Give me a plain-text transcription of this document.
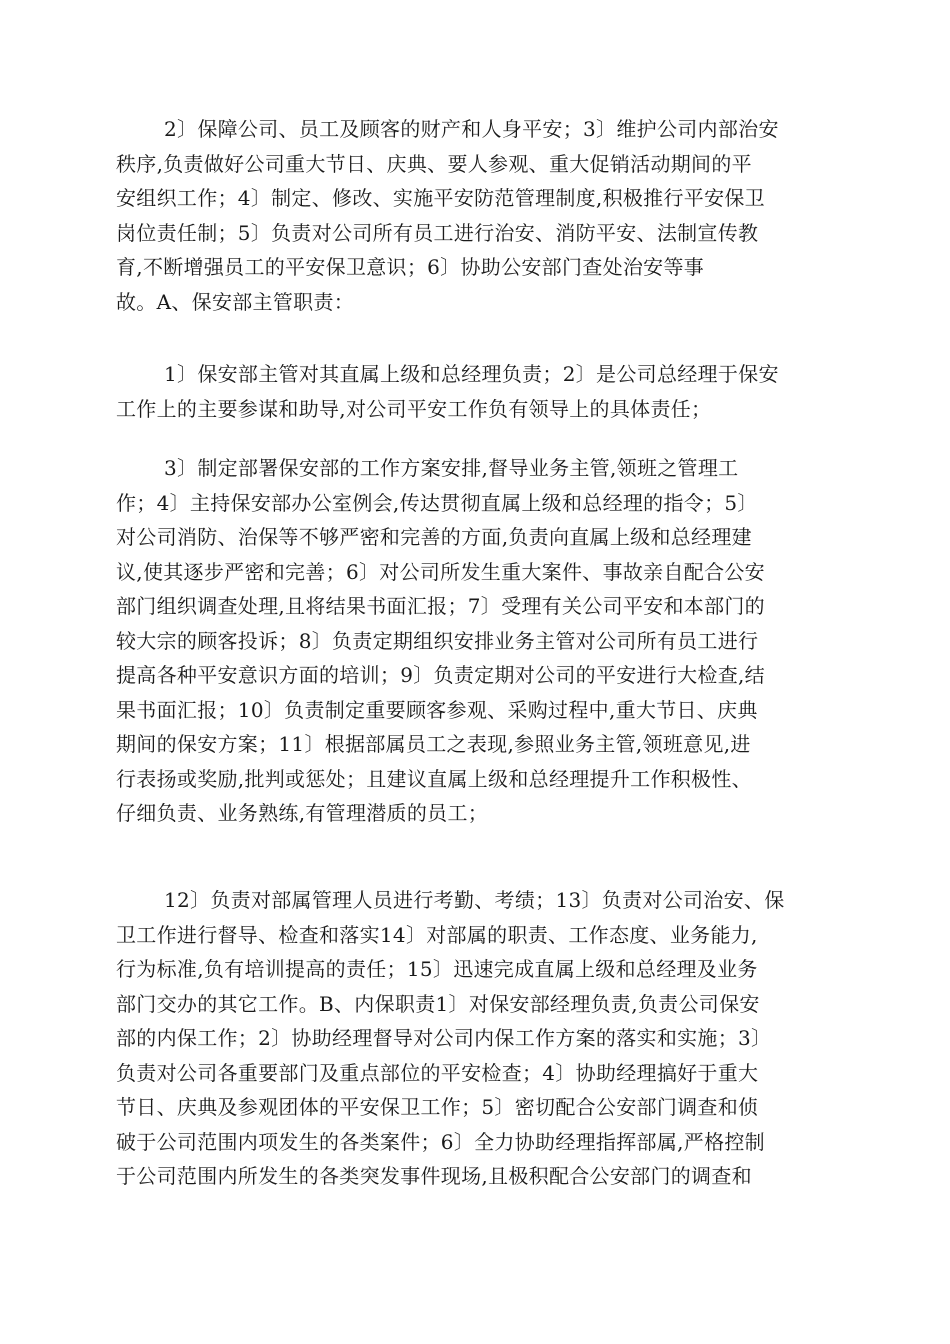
2〕保障公司、员工及顾客的财产和人身平安；3〕维护公司内部治安
秩序,负责做好公司重大节日、庆典、要人参观、重大促销活动期间的平
安组织工作；4〕制定、修改、实施平安防范管理制度,积极推行平安保卫
岗位责任制；5〕负责对公司所有员工进行治安、消防平安、法制宣传教
育,不断增强员工的平安保卫意识；6〕协助公安部门查处治安等事
故。A、保安部主管职责：
1〕保安部主管对其直属上级和总经理负责；2〕是公司总经理于保安
工作上的主要参谋和助导,对公司平安工作负有领导上的具体责任；
3〕制定部署保安部的工作方案安排,督导业务主管,领班之管理工
作；4〕主持保安部办公室例会,传达贯彻直属上级和总经理的指令；5〕
对公司消防、治保等不够严密和完善的方面,负责向直属上级和总经理建
议,使其逐步严密和完善；6〕对公司所发生重大案件、事故亲自配合公安
部门组织调查处理,且将结果书面汇报；7〕受理有关公司平安和本部门的
较大宗的顾客投诉；8〕负责定期组织安排业务主管对公司所有员工进行
提高各种平安意识方面的培训；9〕负责定期对公司的平安进行大检查,结
果书面汇报；10〕负责制定重要顾客参观、采购过程中,重大节日、庆典
期间的保安方案；11〕根据部属员工之表现,参照业务主管,领班意见,进
行表扬或奖励,批判或惩处；且建议直属上级和总经理提升工作积极性、
仔细负责、业务熟练,有管理潜质的员工；
12〕负责对部属管理人员进行考勤、考绩；13〕负责对公司治安、保
卫工作进行督导、检查和落实14〕对部属的职责、工作态度、业务能力,
行为标准,负有培训提高的责任；15〕迅速完成直属上级和总经理及业务
部门交办的其它工作。B、内保职责1〕对保安部经理负责,负责公司保安
部的内保工作；2〕协助经理督导对公司内保工作方案的落实和实施；3〕
负责对公司各重要部门及重点部位的平安检查；4〕协助经理搞好于重大
节日、庆典及参观团体的平安保卫工作；5〕密切配合公安部门调查和侦
破于公司范围内项发生的各类案件；6〕全力协助经理指挥部属,严格控制
于公司范围内所发生的各类突发事件现场,且极积配合公安部门的调查和
